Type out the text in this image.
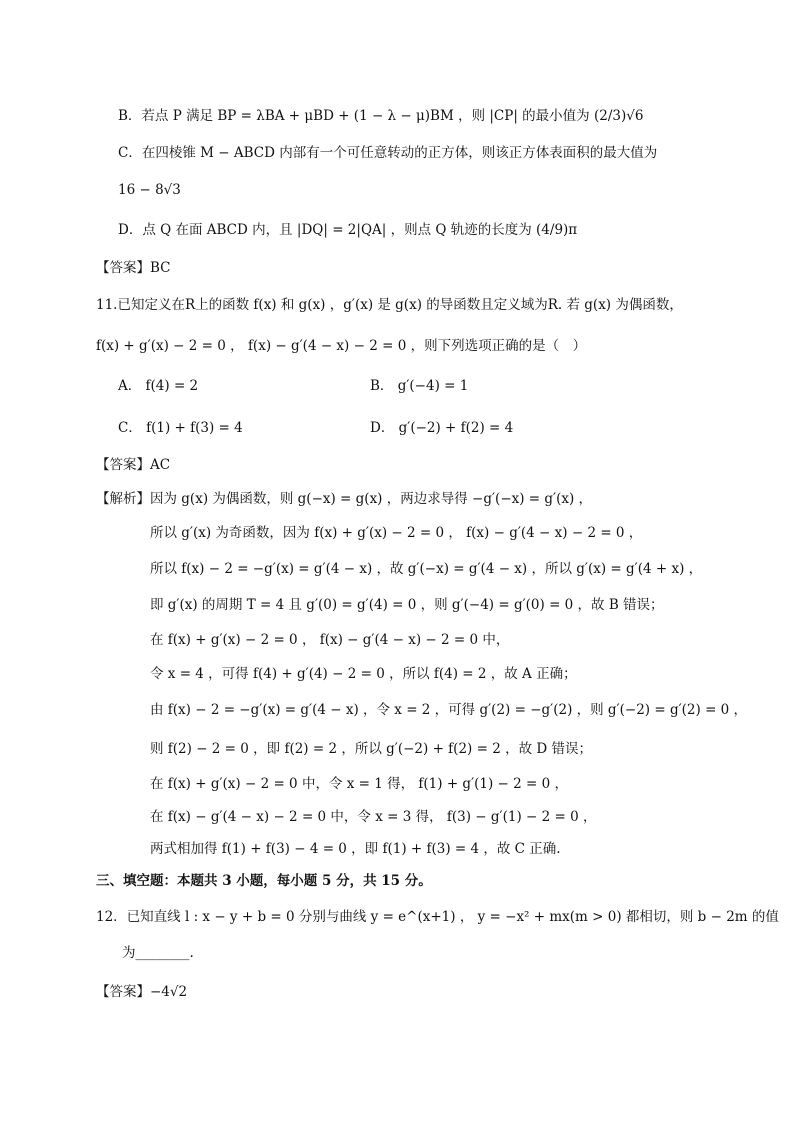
B．若点 P 满足 BP = λBA + μBD + (1 − λ − μ)BM ，则 |CP| 的最小值为 (2/3)√6
C．在四棱锥 M − ABCD 内部有一个可任意转动的正方体，则该正方体表面积的最大值为
16 − 8√3
D．点 Q 在面 ABCD 内，且 |DQ| = 2|QA| ，则点 Q 轨迹的长度为 (4/9)π
【答案】BC
11.已知定义在R上的函数 f(x) 和 g(x) ，g′(x) 是 g(x) 的导函数且定义域为R. 若 g(x) 为偶函数，
f(x) + g′(x) − 2 = 0 ， f(x) − g′(4 − x) − 2 = 0 ，则下列选项正确的是（　）
A． f(4) = 2	B． g′(−4) = 1
C． f(1) + f(3) = 4	D． g′(−2) + f(2) = 4
【答案】AC
【解析】因为 g(x) 为偶函数，则 g(−x) = g(x) ，两边求导得 −g′(−x) = g′(x) ，
所以 g′(x) 为奇函数，因为 f(x) + g′(x) − 2 = 0 ， f(x) − g′(4 − x) − 2 = 0 ，
所以 f(x) − 2 = −g′(x) = g′(4 − x) ，故 g′(−x) = g′(4 − x) ，所以 g′(x) = g′(4 + x) ，
即 g′(x) 的周期 T = 4 且 g′(0) = g′(4) = 0 ，则 g′(−4) = g′(0) = 0 ，故 B 错误；
在 f(x) + g′(x) − 2 = 0 ， f(x) − g′(4 − x) − 2 = 0 中，
令 x = 4 ，可得 f(4) + g′(4) − 2 = 0 ，所以 f(4) = 2 ，故 A 正确；
由 f(x) − 2 = −g′(x) = g′(4 − x) ，令 x = 2 ，可得 g′(2) = −g′(2) ，则 g′(−2) = g′(2) = 0 ，
则 f(2) − 2 = 0 ，即 f(2) = 2 ，所以 g′(−2) + f(2) = 2 ，故 D 错误；
在 f(x) + g′(x) − 2 = 0 中，令 x = 1 得， f(1) + g′(1) − 2 = 0 ，
在 f(x) − g′(4 − x) − 2 = 0 中，令 x = 3 得， f(3) − g′(1) − 2 = 0 ，
两式相加得 f(1) + f(3) − 4 = 0 ，即 f(1) + f(3) = 4 ，故 C 正确.
三、填空题：本题共 3 小题，每小题 5 分，共 15 分。
12．已知直线 l : x − y + b = 0 分别与曲线 y = e^(x+1) ， y = −x² + mx(m > 0) 都相切，则 b − 2m 的值
为________.
【答案】−4√2
